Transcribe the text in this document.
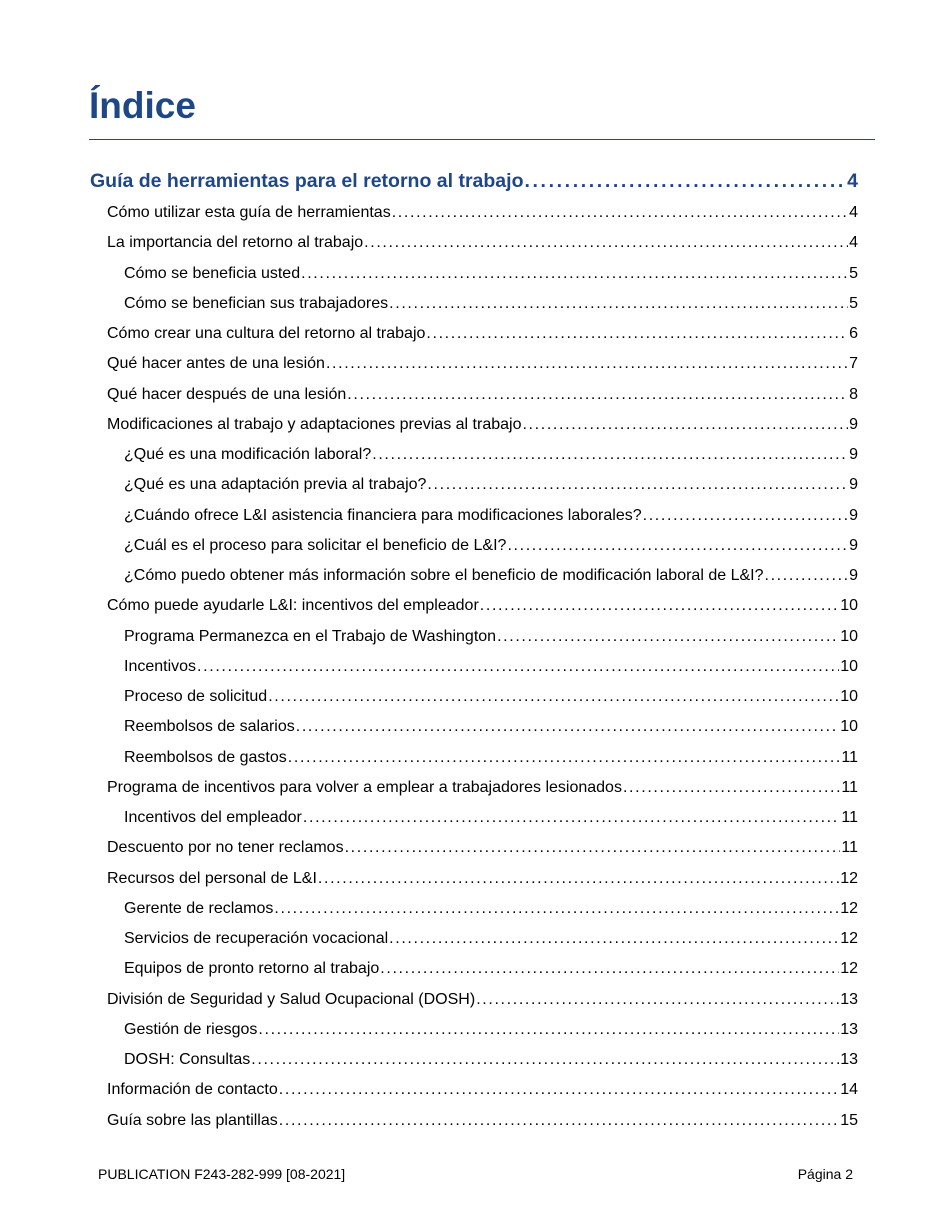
Índice
Guía de herramientas para el retorno al trabajo . . .	4
Cómo utilizar esta guía de herramientas . . .	4
La importancia del retorno al trabajo . . .	4
Cómo se beneficia usted . . .	5
Cómo se benefician sus trabajadores . . .	5
Cómo crear una cultura del retorno al trabajo . . .	6
Qué hacer antes de una lesión . . .	7
Qué hacer después de una lesión . . .	8
Modificaciones al trabajo y adaptaciones previas al trabajo . . .	9
¿Qué es una modificación laboral? . . .	9
¿Qué es una adaptación previa al trabajo? . . .	9
¿Cuándo ofrece L&I asistencia financiera para modificaciones laborales? . . .	9
¿Cuál es el proceso para solicitar el beneficio de L&I? . . .	9
¿Cómo puedo obtener más información sobre el beneficio de modificación laboral de L&I? . . .	9
Cómo puede ayudarle L&I: incentivos del empleador . . .	10
Programa Permanezca en el Trabajo de Washington . . .	10
Incentivos . . .	10
Proceso de solicitud . . .	10
Reembolsos de salarios . . .	10
Reembolsos de gastos . . .	11
Programa de incentivos para volver a emplear a trabajadores lesionados . . .	11
Incentivos del empleador . . .	11
Descuento por no tener reclamos . . .	11
Recursos del personal de L&I . . .	12
Gerente de reclamos . . .	12
Servicios de recuperación vocacional . . .	12
Equipos de pronto retorno al trabajo . . .	12
División de Seguridad y Salud Ocupacional (DOSH) . . .	13
Gestión de riesgos . . .	13
DOSH: Consultas . . .	13
Información de contacto . . .	14
Guía sobre las plantillas . . .	15
PUBLICATION F243-282-999 [08-2021]	Página 2
